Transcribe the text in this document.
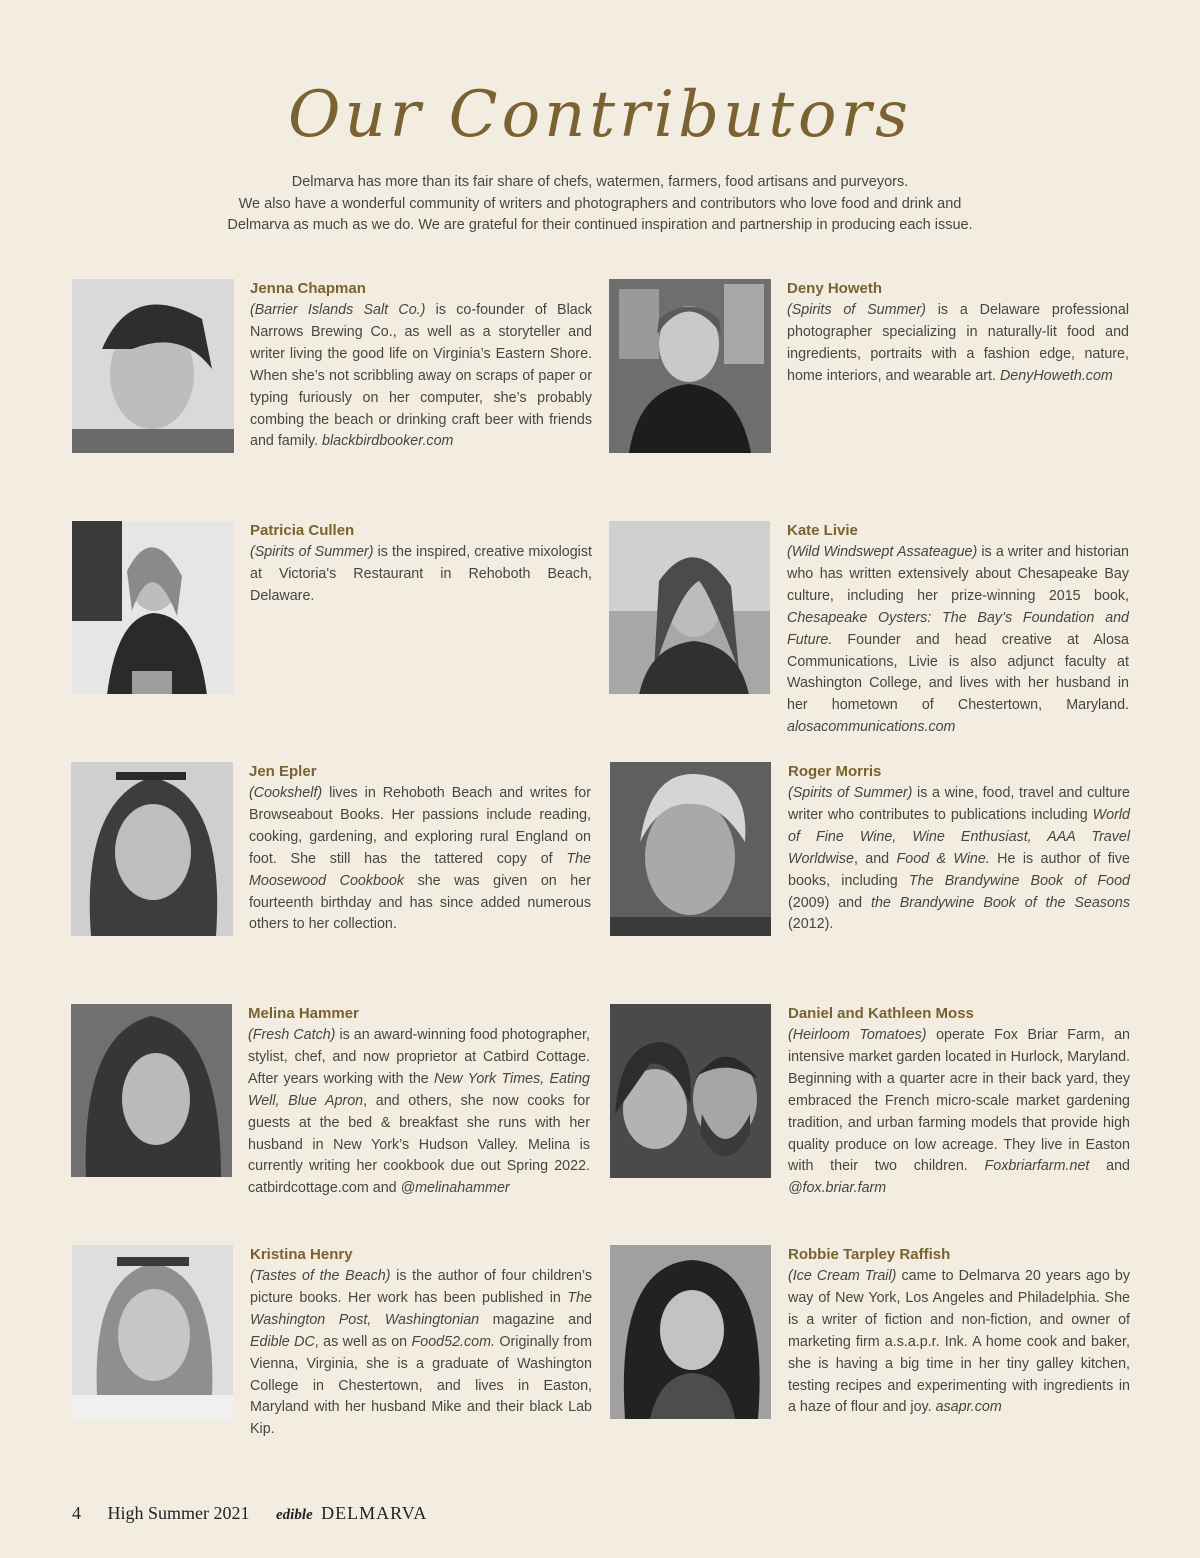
Our Contributors
Delmarva has more than its fair share of chefs, watermen, farmers, food artisans and purveyors.
We also have a wonderful community of writers and photographers and contributors who love food and drink and
Delmarva as much as we do. We are grateful for their continued inspiration and partnership in producing each issue.
Jenna Chapman

(Barrier Islands Salt Co.) is co-founder of Black Narrows Brewing Co., as well as a storyteller and writer living the good life on Virginia’s Eastern Shore. When she’s not scribbling away on scraps of paper or typing furiously on her computer, she’s probably combing the beach or drinking craft beer with friends and family. blackbirdbooker.com

Deny Howeth

(Spirits of Summer) is a Delaware professional photographer specializing in naturally-lit food and ingredients, portraits with a fashion edge, nature, home interiors, and wearable art. DenyHoweth.com

Patricia Cullen

(Spirits of Summer) is the inspired, creative mixologist at Victoria's Restaurant in Rehoboth Beach, Delaware.

Kate Livie

(Wild Windswept Assateague) is a writer and historian who has written extensively about Chesapeake Bay culture, including her prize-winning 2015 book, Chesapeake Oysters: The Bay’s Foundation and Future. Founder and head creative at Alosa Communications, Livie is also adjunct faculty at Washington College, and lives with her husband in her hometown of Chestertown, Maryland. alosacommunications.com

Jen Epler

(Cookshelf) lives in Rehoboth Beach and writes for Browseabout Books. Her passions include reading, cooking, gardening, and exploring rural England on foot. She still has the tattered copy of The Moosewood Cookbook she was given on her fourteenth birthday and has since added numerous others to her collection.

Roger Morris

(Spirits of Summer) is a wine, food, travel and culture writer who contributes to publications including World of Fine Wine, Wine Enthusiast, AAA Travel Worldwise, and Food & Wine. He is author of five books, including The Brandywine Book of Food (2009) and the Brandywine Book of the Seasons (2012).

Melina Hammer

(Fresh Catch) is an award-winning food photographer, stylist, chef, and now proprietor at Catbird Cottage. After years working with the New York Times, Eating Well, Blue Apron, and others, she now cooks for guests at the bed & breakfast she runs with her husband in New York’s Hudson Valley. Melina is currently writing her cookbook due out Spring 2022. catbirdcottage.com and @melinahammer

Daniel and Kathleen Moss

(Heirloom Tomatoes) operate Fox Briar Farm, an intensive market garden located in Hurlock, Maryland. Beginning with a quarter acre in their back yard, they embraced the French micro-scale market gardening tradition, and urban farming models that provide high quality produce on low acreage. They live in Easton with their two children. Foxbriarfarm.net and @fox.briar.farm

Kristina Henry

(Tastes of the Beach) is the author of four children’s picture books. Her work has been published in The Washington Post, Washingtonian magazine and Edible DC, as well as on Food52.com. Originally from Vienna, Virginia, she is a graduate of Washington College in Chestertown, and lives in Easton, Maryland with her husband Mike and their black Lab Kip.

Robbie Tarpley Raffish

(Ice Cream Trail) came to Delmarva 20 years ago by way of New York, Los Angeles and Philadelphia. She is a writer of fiction and non-fiction, and owner of marketing firm a.s.a.p.r. Ink. A home cook and baker, she is having a big time in her tiny galley kitchen, testing recipes and experimenting with ingredients in a haze of flour and joy. asapr.com

4 High Summer 2021 edible DELMARVA
